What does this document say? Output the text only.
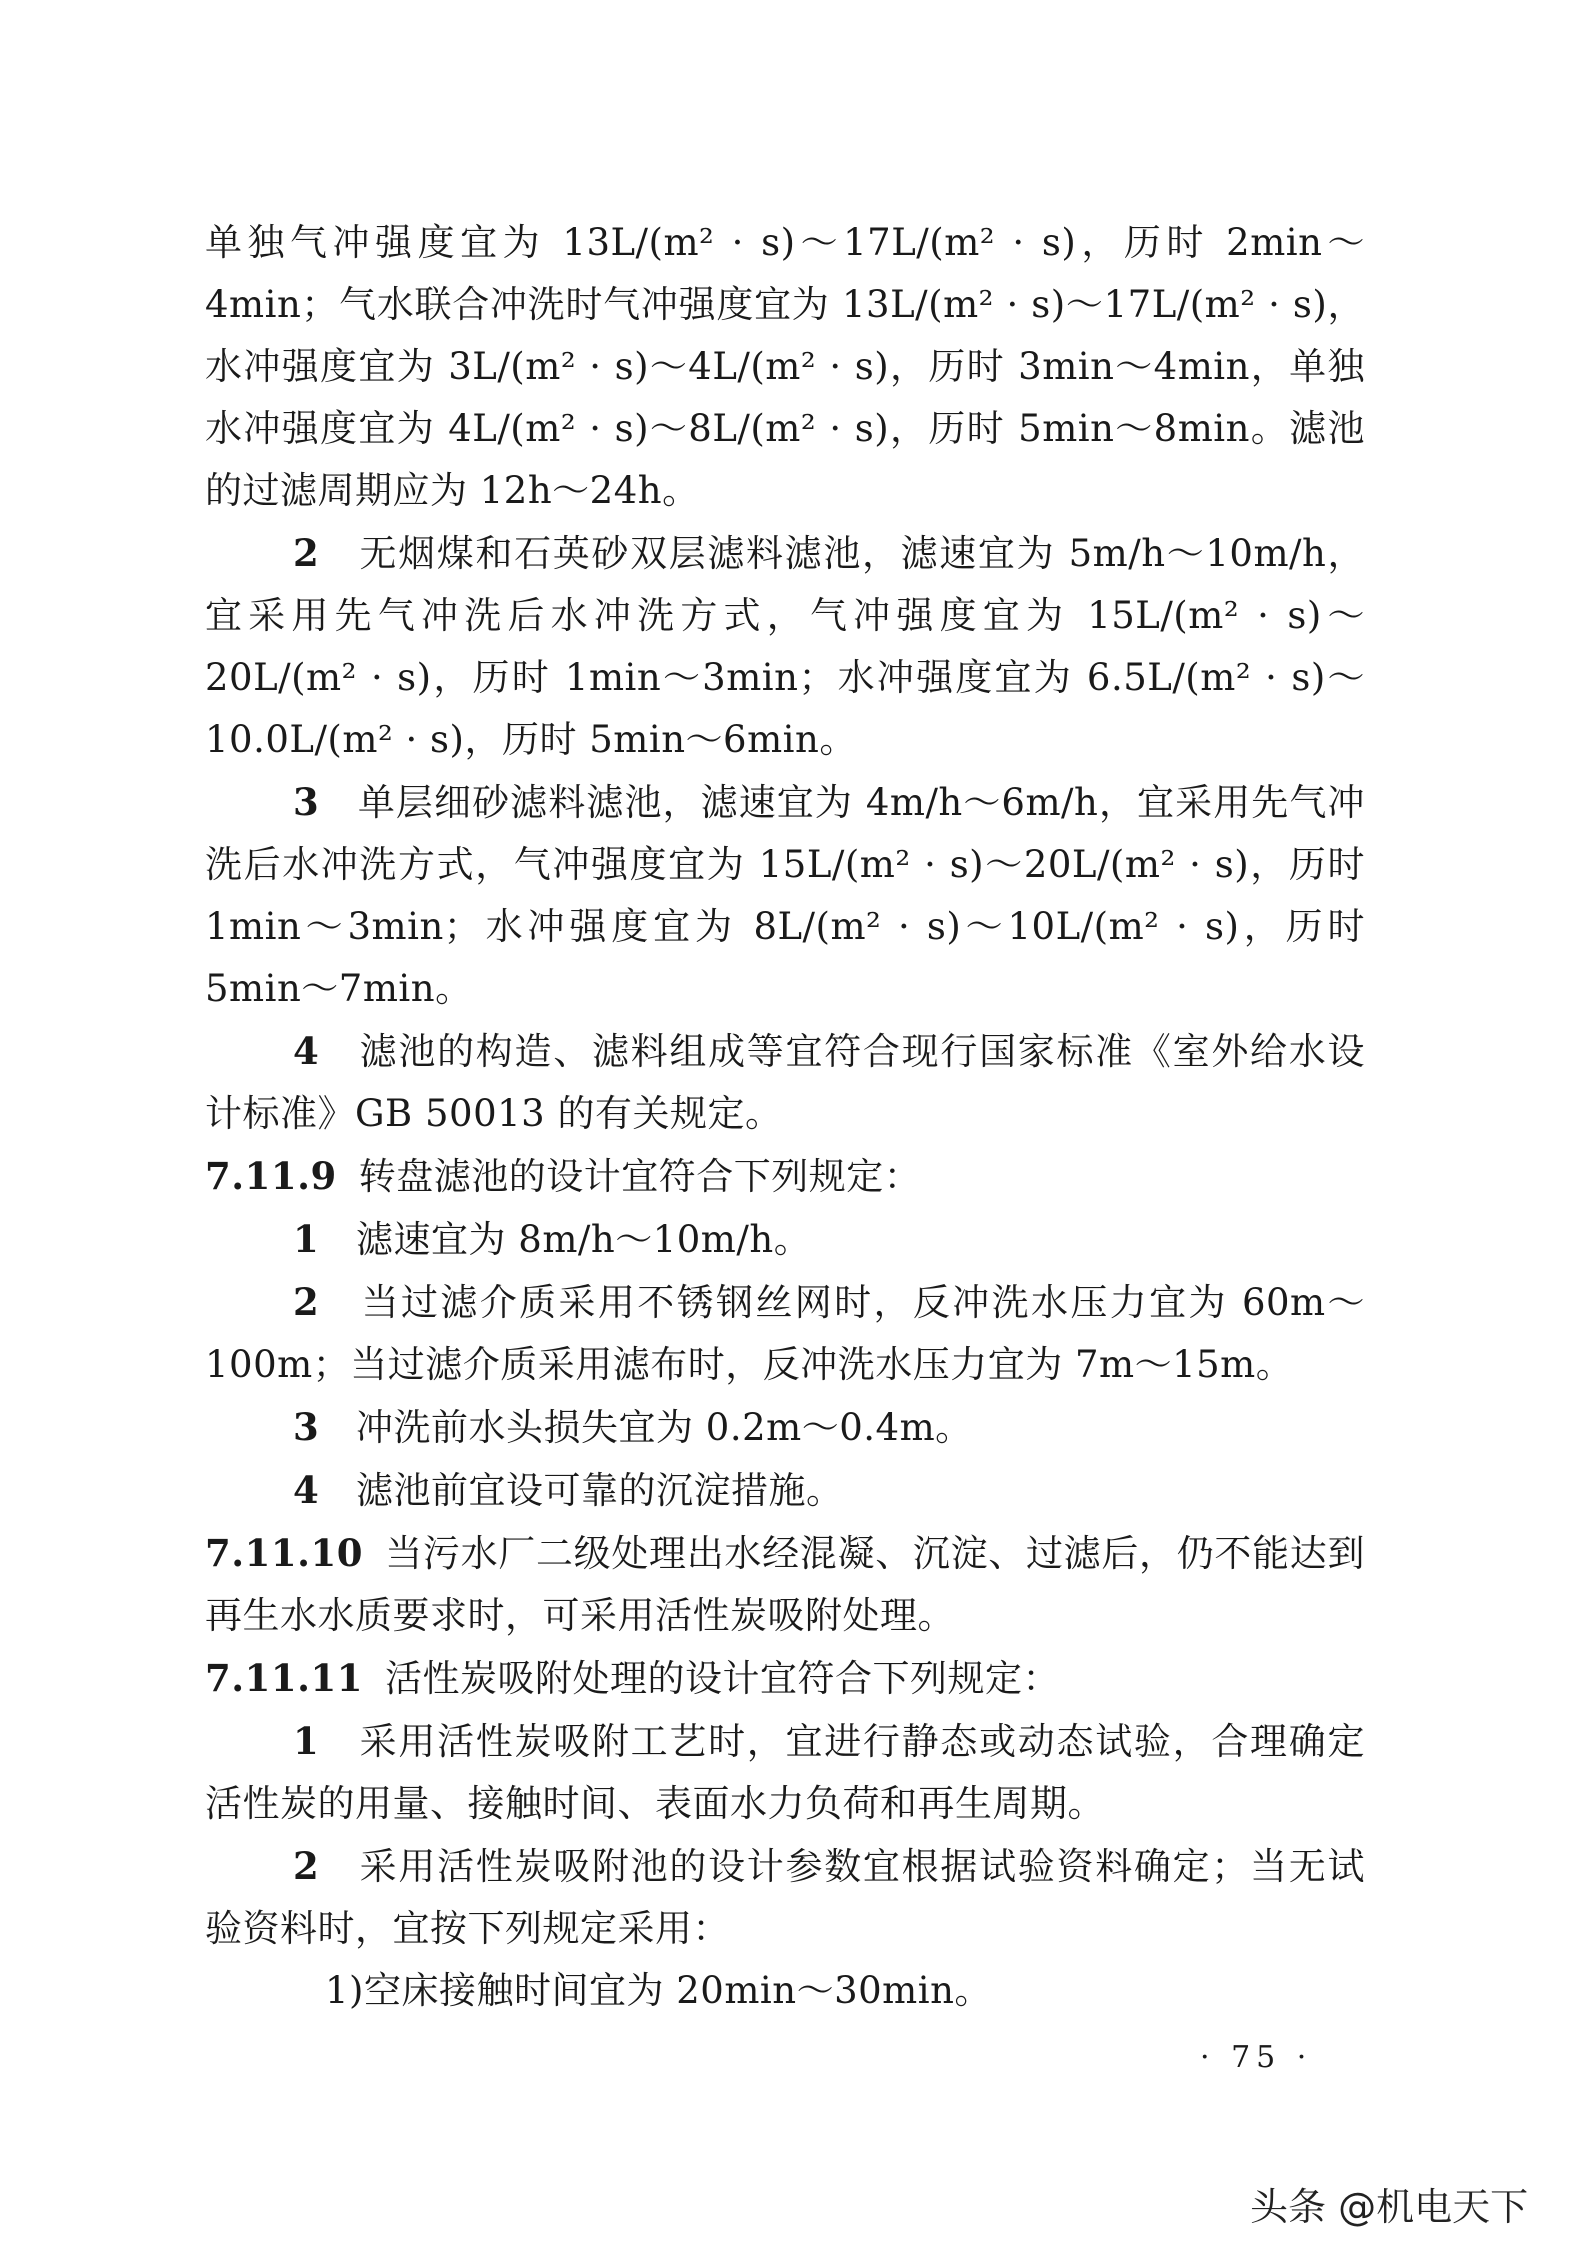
单独气冲强度宜为 13L/(m² · s)～17L/(m² · s)，历时 2min～4min；气水联合冲洗时气冲强度宜为 13L/(m² · s)～17L/(m² · s)，水冲强度宜为 3L/(m² · s)～4L/(m² · s)，历时 3min～4min，单独水冲强度宜为 4L/(m² · s)～8L/(m² · s)，历时 5min～8min。滤池的过滤周期应为 12h～24h。

2 无烟煤和石英砂双层滤料滤池，滤速宜为 5m/h～10m/h，宜采用先气冲洗后水冲洗方式，气冲强度宜为 15L/(m² · s)～20L/(m² · s)，历时 1min～3min；水冲强度宜为 6.5L/(m² · s)～10.0L/(m² · s)，历时 5min～6min。

3 单层细砂滤料滤池，滤速宜为 4m/h～6m/h，宜采用先气冲洗后水冲洗方式，气冲强度宜为 15L/(m² · s)～20L/(m² · s)，历时 1min～3min；水冲强度宜为 8L/(m² · s)～10L/(m² · s)，历时 5min～7min。

4 滤池的构造、滤料组成等宜符合现行国家标准《室外给水设计标准》GB 50013 的有关规定。

7.11.9 转盘滤池的设计宜符合下列规定：

1 滤速宜为 8m/h～10m/h。

2 当过滤介质采用不锈钢丝网时，反冲洗水压力宜为 60m～100m；当过滤介质采用滤布时，反冲洗水压力宜为 7m～15m。

3 冲洗前水头损失宜为 0.2m～0.4m。

4 滤池前宜设可靠的沉淀措施。

7.11.10 当污水厂二级处理出水经混凝、沉淀、过滤后，仍不能达到再生水水质要求时，可采用活性炭吸附处理。

7.11.11 活性炭吸附处理的设计宜符合下列规定：

1 采用活性炭吸附工艺时，宜进行静态或动态试验，合理确定活性炭的用量、接触时间、表面水力负荷和再生周期。

2 采用活性炭吸附池的设计参数宜根据试验资料确定；当无试验资料时，宜按下列规定采用：

1)空床接触时间宜为 20min～30min。

· 75 ·
头条 @机电天下
